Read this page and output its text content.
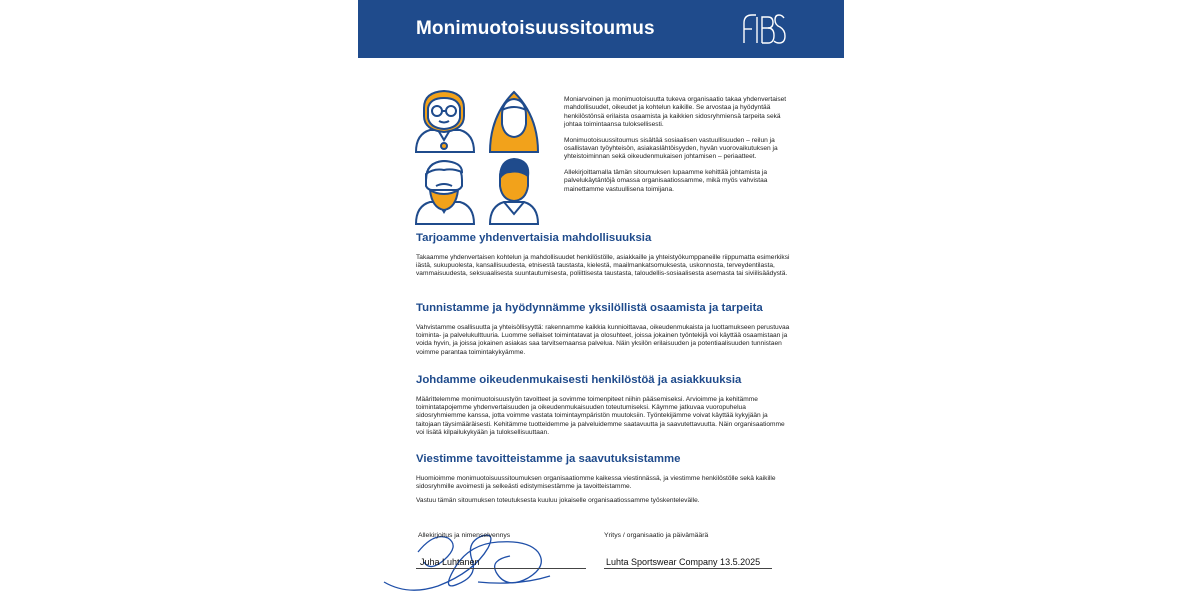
Monimuotoisuussitoumus
FIBS

Moniarvoinen ja monimuotoisuutta tukeva organisaatio takaa yhdenvertaiset mahdollisuudet, oikeudet ja kohtelun kaikille. Se arvostaa ja hyödyntää henkilöstönsä erilaista osaamista ja kaikkien sidosryhmiensä tarpeita sekä johtaa toimintaansa tuloksellisesti.

Monimuotoisuussitoumus sisältää sosiaalisen vastuullisuuden – reilun ja osallistavan työyhteisön, asiakaslähtöisyyden, hyvän vuorovaikutuksen ja yhteistoiminnan sekä oikeudenmukaisen johtamisen – periaatteet.

Allekirjoittamalla tämän sitoumuksen lupaamme kehittää johtamista ja palvelukäytäntöjä omassa organisaatiossamme, mikä myös vahvistaa mainettamme vastuullisena toimijana.

Tarjoamme yhdenvertaisia mahdollisuuksia

Takaamme yhdenvertaisen kohtelun ja mahdollisuudet henkilöstölle, asiakkaille ja yhteistyökumppaneille riippumatta esimerkiksi iästä, sukupuolesta, kansallisuudesta, etnisestä taustasta, kielestä, maailmankatsomuksesta, uskonnosta, terveydentilasta, vammaisuudesta, seksuaalisesta suuntautumisesta, poliittisesta taustasta, taloudellis-sosiaalisesta asemasta tai siviilisäädystä.

Tunnistamme ja hyödynnämme yksilöllistä osaamista ja tarpeita

Vahvistamme osallisuutta ja yhteisöllisyyttä: rakennamme kaikkia kunnioittavaa, oikeudenmukaista ja luottamukseen perustuvaa toiminta- ja palvelukulttuuria. Luomme sellaiset toimintatavat ja olosuhteet, joissa jokainen työntekijä voi käyttää osaamistaan ja voida hyvin, ja joissa jokainen asiakas saa tarvitsemaansa palvelua. Näin yksilön erilaisuuden ja potentiaalisuuden tunnistaen voimme parantaa toimintakykyämme.

Johdamme oikeudenmukaisesti henkilöstöä ja asiakkuuksia

Määrittelemme monimuotoisuustyön tavoitteet ja sovimme toimenpiteet niihin pääsemiseksi. Arvioimme ja kehitämme toimintatapojemme yhdenvertaisuuden ja oikeudenmukaisuuden toteutumiseksi. Käymme jatkuvaa vuoropuhelua sidosryhmiemme kanssa, jotta voimme vastata toimintaympäristön muutoksiin. Työntekijämme voivat käyttää kykyjään ja taitojaan täysimääräisesti. Kehitämme tuotteidemme ja palveluidemme saatavuutta ja saavutettavuutta. Näin organisaatiomme voi lisätä kilpailukykyään ja tuloksellisuuttaan.

Viestimme tavoitteistamme ja saavutuksistamme

Huomioimme monimuotoisuussitoumuksen organisaatiomme kaikessa viestinnässä, ja viestimme henkilöstölle sekä kaikille sidosryhmille avoimesti ja selkeästi edistymisestämme ja tavoitteistamme.

Vastuu tämän sitoumuksen toteutuksesta kuuluu jokaiselle organisaatiossamme työskentelevälle.

Allekirjoitus ja nimenselvennys
Juha Luhtanen
Yritys / organisaatio ja päivämäärä
Luhta Sportswear Company 13.5.2025
